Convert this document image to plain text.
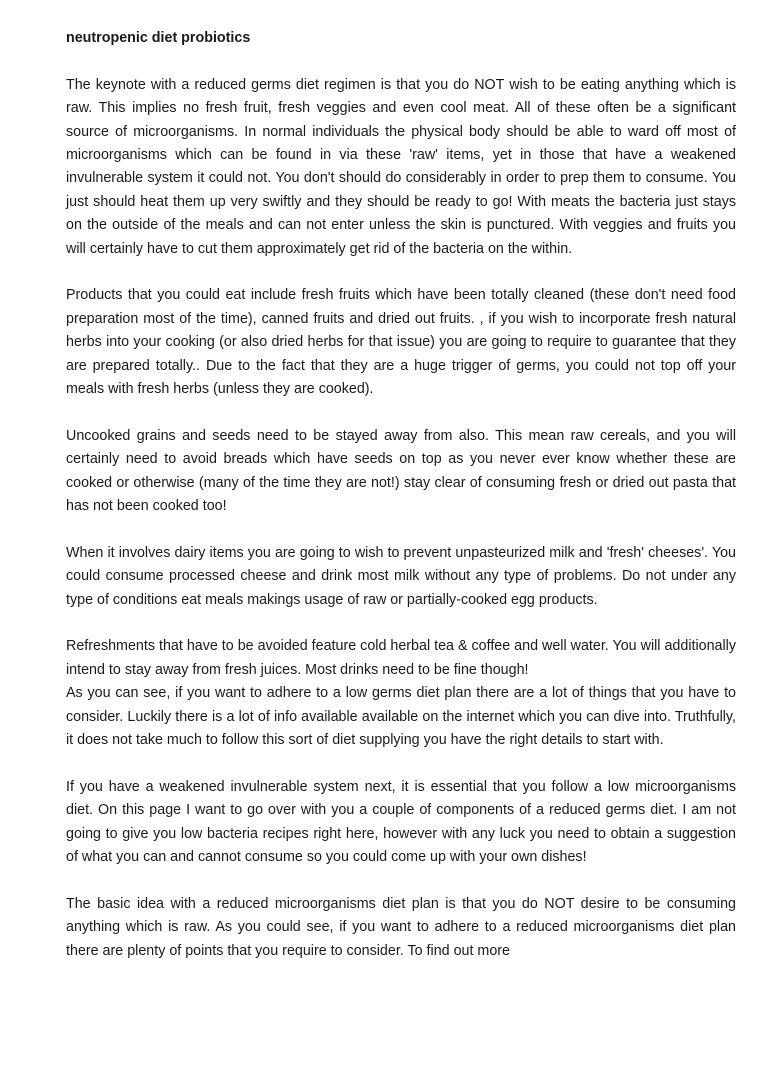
neutropenic diet probiotics

The keynote with a reduced germs diet regimen is that you do NOT wish to be eating anything which is raw. This implies no fresh fruit, fresh veggies and even cool meat. All of these often be a significant source of microorganisms. In normal individuals the physical body should be able to ward off most of microorganisms which can be found in via these 'raw' items, yet in those that have a weakened invulnerable system it could not. You don't should do considerably in order to prep them to consume. You just should heat them up very swiftly and they should be ready to go! With meats the bacteria just stays on the outside of the meals and can not enter unless the skin is punctured. With veggies and fruits you will certainly have to cut them approximately get rid of the bacteria on the within.

Products that you could eat include fresh fruits which have been totally cleaned (these don't need food preparation most of the time), canned fruits and dried out fruits. , if you wish to incorporate fresh natural herbs into your cooking (or also dried herbs for that issue) you are going to require to guarantee that they are prepared totally.. Due to the fact that they are a huge trigger of germs, you could not top off your meals with fresh herbs (unless they are cooked).

Uncooked grains and seeds need to be stayed away from also. This mean raw cereals, and you will certainly need to avoid breads which have seeds on top as you never ever know whether these are cooked or otherwise (many of the time they are not!) stay clear of consuming fresh or dried out pasta that has not been cooked too!

When it involves dairy items you are going to wish to prevent unpasteurized milk and 'fresh' cheeses'. You could consume processed cheese and drink most milk without any type of problems. Do not under any type of conditions eat meals makings usage of raw or partially-cooked egg products.

Refreshments that have to be avoided feature cold herbal tea & coffee and well water. You will additionally intend to stay away from fresh juices. Most drinks need to be fine though!

As you can see, if you want to adhere to a low germs diet plan there are a lot of things that you have to consider. Luckily there is a lot of info available available on the internet which you can dive into. Truthfully, it does not take much to follow this sort of diet supplying you have the right details to start with.

If you have a weakened invulnerable system next, it is essential that you follow a low microorganisms diet. On this page I want to go over with you a couple of components of a reduced germs diet. I am not going to give you low bacteria recipes right here, however with any luck you need to obtain a suggestion of what you can and cannot consume so you could come up with your own dishes!

The basic idea with a reduced microorganisms diet plan is that you do NOT desire to be consuming anything which is raw. As you could see, if you want to adhere to a reduced microorganisms diet plan there are plenty of points that you require to consider. To find out more
